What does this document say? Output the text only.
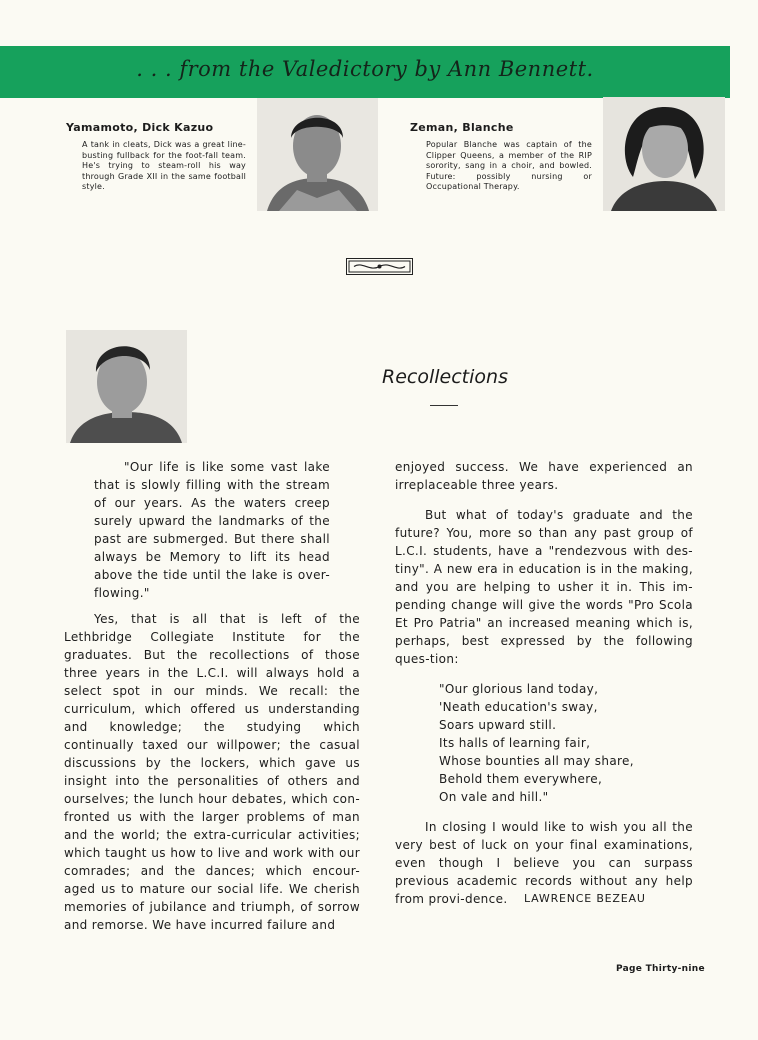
. . . from the Valedictory by Ann Bennett.
Yamamoto, Dick Kazuo
A tank in cleats, Dick was a great line-busting fullback for the foot-fall team. He's trying to steam-roll his way through Grade XII in the same football style.
Zeman, Blanche
Popular Blanche was captain of the Clipper Queens, a member of the RIP sorority, sang in a choir, and bowled. Future: possibly nursing or Occupational Therapy.
Recollections

"Our life is like some vast lake that is slowly filling with the stream of our years. As the waters creep surely upward the landmarks of the past are submerged. But there shall always be Memory to lift its head above the tide until the lake is over-flowing."

Yes, that is all that is left of the Lethbridge Collegiate Institute for the graduates. But the recollections of those three years in the L.C.I. will always hold a select spot in our minds. We recall: the curriculum, which offered us understanding and knowledge; the studying which continually taxed our willpower; the casual discussions by the lockers, which gave us insight into the personalities of others and ourselves; the lunch hour debates, which con-fronted us with the larger problems of man and the world; the extra-curricular activities; which taught us how to live and work with our comrades; and the dances; which encour-aged us to mature our social life. We cherish memories of jubilance and triumph, of sorrow and remorse. We have incurred failure and

enjoyed success. We have experienced an irreplaceable three years.

But what of today's graduate and the future? You, more so than any past group of L.C.I. students, have a "rendezvous with des-tiny". A new era in education is in the making, and you are helping to usher it in. This im-pending change will give the words "Pro Scola Et Pro Patria" an increased meaning which is, perhaps, best expressed by the following ques-tion:

"Our glorious land today,
'Neath education's sway,
Soars upward still.
Its halls of learning fair,
Whose bounties all may share,
Behold them everywhere,
On vale and hill."

In closing I would like to wish you all the very best of luck on your final examinations, even though I believe you can surpass previous academic records without any help from provi-dence.	LAWRENCE BEZEAU
Page Thirty-nine
